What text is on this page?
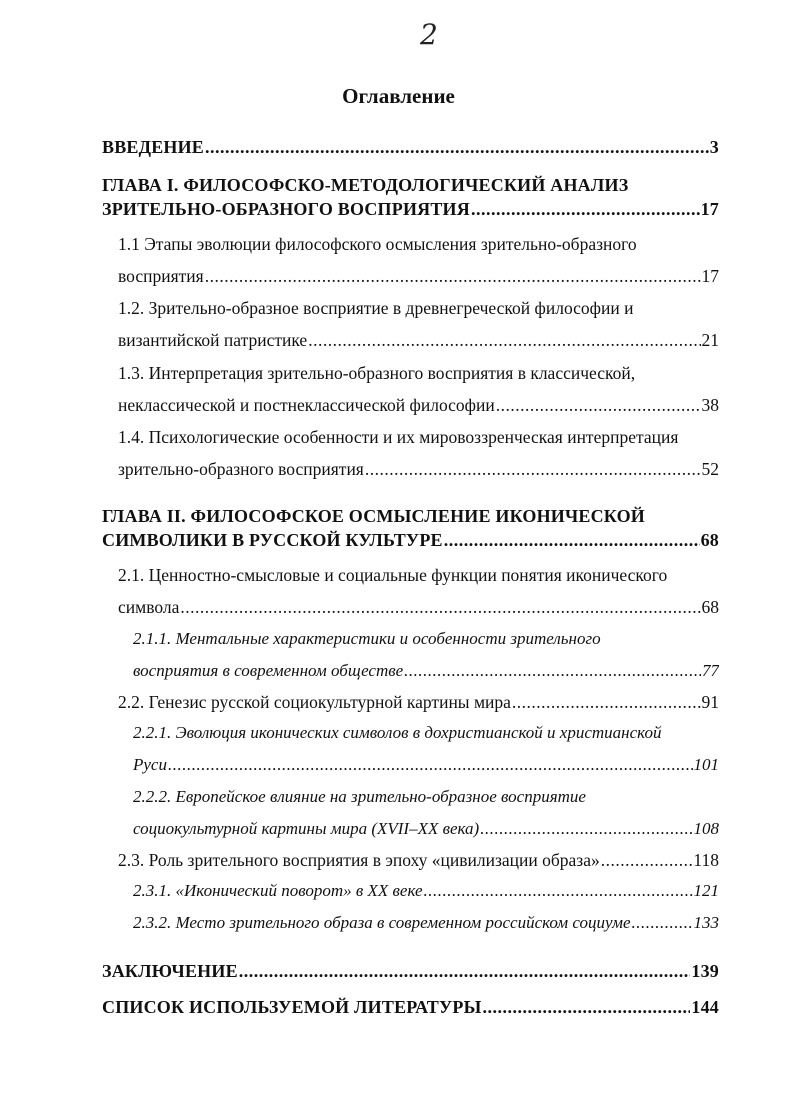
2
Оглавление
ВВЕДЕНИЕ .....	3
ГЛАВА I. ФИЛОСОФСКО-МЕТОДОЛОГИЧЕСКИЙ АНАЛИЗ
ЗРИТЕЛЬНО-ОБРАЗНОГО ВОСПРИЯТИЯ .....	17
1.1 Этапы эволюции философского осмысления зрительно-образного
восприятия .....	17
1.2. Зрительно-образное восприятие в древнегреческой философии и
византийской патристике .....	21
1.3. Интерпретация зрительно-образного восприятия в классической,
неклассической и постнеклассической философии .....	38
1.4. Психологические особенности и их мировоззренческая интерпретация
зрительно-образного восприятия .....	52
ГЛАВА II. ФИЛОСОФСКОЕ ОСМЫСЛЕНИЕ ИКОНИЧЕСКОЙ
СИМВОЛИКИ В РУССКОЙ КУЛЬТУРЕ .....	68
2.1. Ценностно-смысловые и социальные функции понятия иконического
символа .....	68
2.1.1. Ментальные характеристики и особенности зрительного
восприятия в современном обществе .....	77
2.2. Генезис русской социокультурной картины мира .....	91
2.2.1. Эволюция иконических символов в дохристианской и христианской
Руси .....	101
2.2.2. Европейское влияние на зрительно-образное восприятие
социокультурной картины мира (XVII–XX века) .....	108
2.3. Роль зрительного восприятия в эпоху «цивилизации образа» .....	118
2.3.1. «Иконический поворот» в XX веке .....	121
2.3.2. Место зрительного образа в современном российском социуме .....	133
ЗАКЛЮЧЕНИЕ .....	139
СПИСОК ИСПОЛЬЗУЕМОЙ ЛИТЕРАТУРЫ .....	144
